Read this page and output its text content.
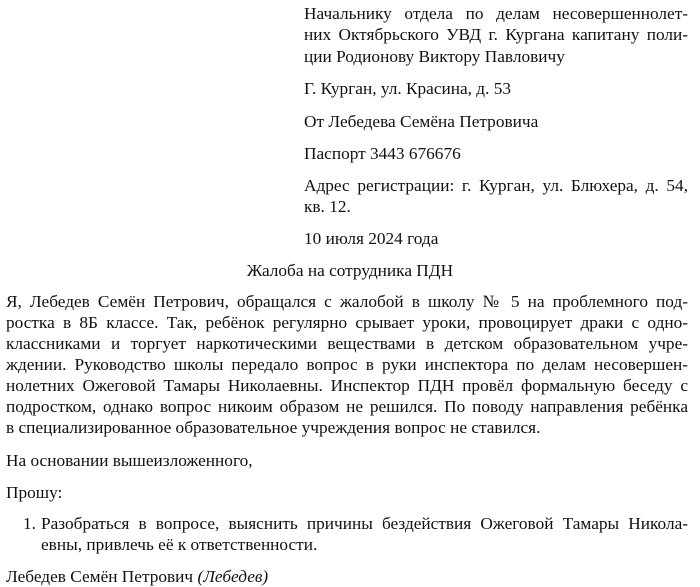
Начальнику отдела по делам несовершеннолет-
них Октябрьского УВД г. Кургана капитану поли-
ции Родионову Виктору Павловичу
Г. Курган, ул. Красина, д. 53
От Лебедева Семёна Петровича
Паспорт 3443 676676
Адрес регистрации: г. Курган, ул. Блюхера, д. 54,
кв. 12.
10 июля 2024 года
Жалоба на сотрудника ПДН
Я, Лебедев Семён Петрович, обращался с жалобой в школу № 5 на проблемного под-
ростка в 8Б классе. Так, ребёнок регулярно срывает уроки, провоцирует драки с одно-
классниками и торгует наркотическими веществами в детском образовательном учре-
ждении. Руководство школы передало вопрос в руки инспектора по делам несовершен-
нолетних Ожеговой Тамары Николаевны. Инспектор ПДН провёл формальную беседу с
подростком, однако вопрос никоим образом не решился. По поводу направления ребёнка
в специализированное образовательное учреждения вопрос не ставился.
На основании вышеизложенного,
Прошу:
1. Разобраться в вопросе, выяснить причины бездействия Ожеговой Тамары Никола-
евны, привлечь её к ответственности.
Лебедев Семён Петрович (Лебедев)
